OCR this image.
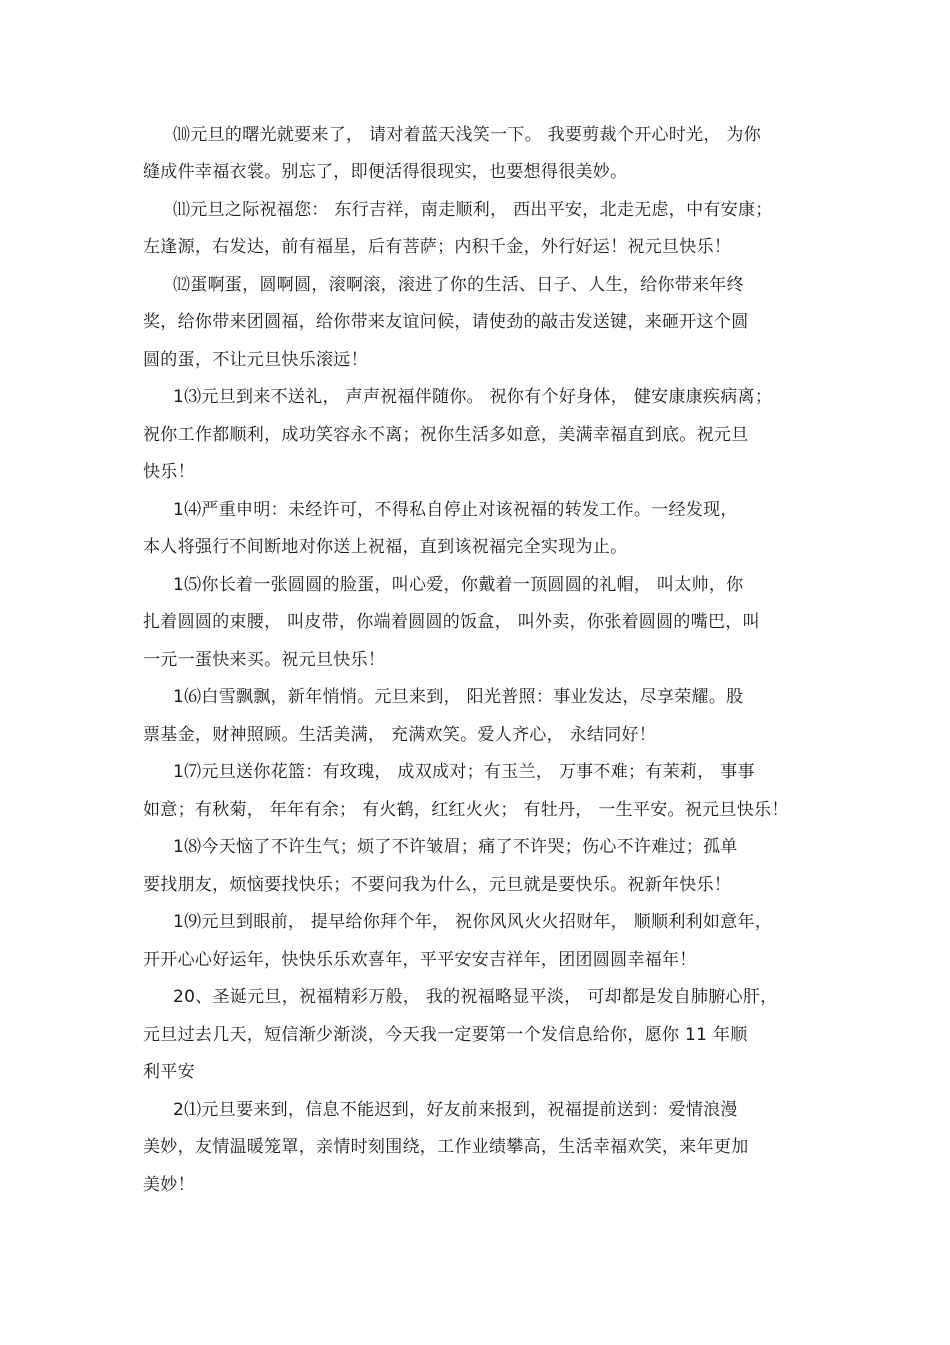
⑽元旦的曙光就要来了， 请对着蓝天浅笑一下。 我要剪裁个开心时光， 为你
缝成件幸福衣裳。别忘了，即便活得很现实，也要想得很美妙。
⑾元旦之际祝福您： 东行吉祥，南走顺利， 西出平安，北走无虑，中有安康；
左逢源，右发达，前有福星，后有菩萨；内积千金，外行好运！祝元旦快乐！
⑿蛋啊蛋，圆啊圆，滚啊滚，滚进了你的生活、日子、人生，给你带来年终
奖，给你带来团圆福，给你带来友谊问候，请使劲的敲击发送键，来砸开这个圆
圆的蛋，不让元旦快乐滚远！
1⑶元旦到来不送礼， 声声祝福伴随你。 祝你有个好身体， 健安康康疾病离；
祝你工作都顺利，成功笑容永不离；祝你生活多如意，美满幸福直到底。祝元旦
快乐！
1⑷严重申明：未经许可，不得私自停止对该祝福的转发工作。一经发现，
本人将强行不间断地对你送上祝福，直到该祝福完全实现为止。
1⑸你长着一张圆圆的脸蛋，叫心爱，你戴着一顶圆圆的礼帽， 叫太帅，你
扎着圆圆的束腰， 叫皮带，你端着圆圆的饭盒， 叫外卖，你张着圆圆的嘴巴，叫
一元一蛋快来买。祝元旦快乐！
1⑹白雪飘飘，新年悄悄。元旦来到， 阳光普照：事业发达，尽享荣耀。股
票基金，财神照顾。生活美满， 充满欢笑。爱人齐心， 永结同好！
1⑺元旦送你花篮：有玫瑰， 成双成对；有玉兰， 万事不难；有茉莉， 事事
如意；有秋菊， 年年有余； 有火鹤，红红火火； 有牡丹， 一生平安。祝元旦快乐！
1⑻今天恼了不许生气；烦了不许皱眉；痛了不许哭；伤心不许难过；孤单
要找朋友，烦恼要找快乐；不要问我为什么，元旦就是要快乐。祝新年快乐！
1⑼元旦到眼前， 提早给你拜个年， 祝你风风火火招财年， 顺顺利利如意年，
开开心心好运年，快快乐乐欢喜年，平平安安吉祥年，团团圆圆幸福年！
20、圣诞元旦，祝福精彩万般， 我的祝福略显平淡， 可却都是发自肺腑心肝，
元旦过去几天，短信渐少渐淡，今天我一定要第一个发信息给你，愿你 11 年顺
利平安
2⑴元旦要来到，信息不能迟到，好友前来报到，祝福提前送到：爱情浪漫
美妙，友情温暖笼罩，亲情时刻围绕，工作业绩攀高，生活幸福欢笑，来年更加
美妙！
